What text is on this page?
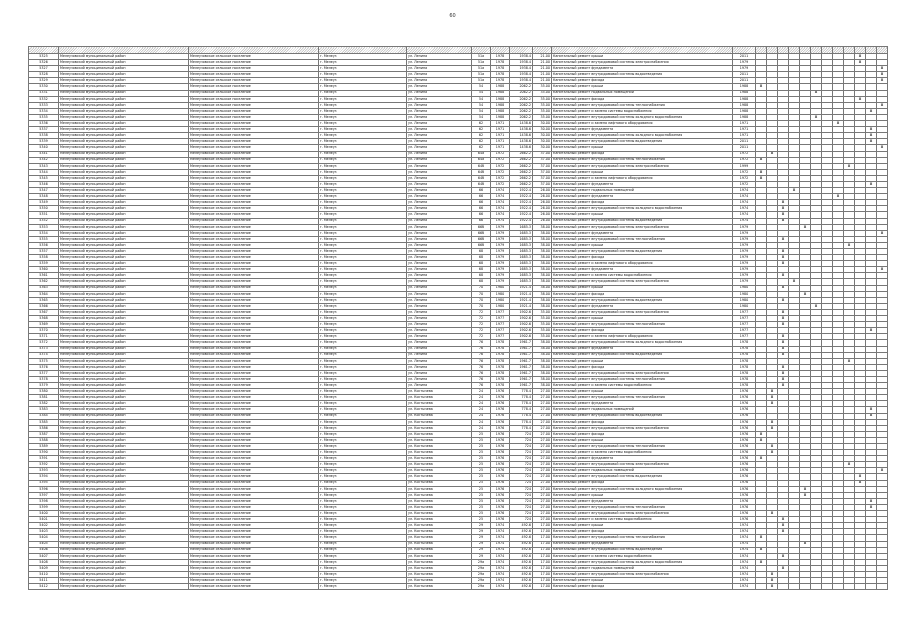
60

5325	Мелеузовский муниципальный район	Мелеузовское сельское поселение	г. Мелеуз	ул. Ленина	51а	1978	1938.4	21.00	Капитальный ремонт крыши	2011										X		
5326	Мелеузовский муниципальный район	Мелеузовское сельское поселение	г. Мелеуз	ул. Ленина	51а	1978	1938.4	21.00	Капитальный ремонт внутридомовой системы электроснабжения	1979										X		
5327	Мелеузовский муниципальный район	Мелеузовское сельское поселение	г. Мелеуз	ул. Ленина	51а	1978	1938.4	21.00	Капитальный ремонт фундамента	1979												X
5328	Мелеузовский муниципальный район	Мелеузовское сельское поселение	г. Мелеуз	ул. Ленина	51а	1978	1938.4	21.00	Капитальный ремонт внутридомовой системы водоотведения	2011												X
5329	Мелеузовский муниципальный район	Мелеузовское сельское поселение	г. Мелеуз	ул. Ленина	51а	1978	1938.4	21.00	Капитальный ремонт фасада	2011												X
5330	Мелеузовский муниципальный район	Мелеузовское сельское поселение	г. Мелеуз	ул. Ленина	54	1988	2062.2	35.00	Капитальный ремонт крыши	1988	X											
5331	Мелеузовский муниципальный район	Мелеузовское сельское поселение	г. Мелеуз	ул. Ленина	54	1988	2062.2	35.00	Капитальный ремонт подвальных помещений	1988						X						
5332	Мелеузовский муниципальный район	Мелеузовское сельское поселение	г. Мелеуз	ул. Ленина	54	1988	2062.2	35.00	Капитальный ремонт фасада	1988										X		
5333	Мелеузовский муниципальный район	Мелеузовское сельское поселение	г. Мелеуз	ул. Ленина	54	1988	2062.2	35.00	Капитальный ремонт внутридомовой системы теплоснабжения	1988												X
5334	Мелеузовский муниципальный район	Мелеузовское сельское поселение	г. Мелеуз	ул. Ленина	54	1988	2062.2	35.00	Капитальный ремонт и замена системы водоснабжения	1988											X	
5335	Мелеузовский муниципальный район	Мелеузовское сельское поселение	г. Мелеуз	ул. Ленина	54	1988	2062.2	35.00	Капитальный ремонт внутридомовой системы холодного водоснабжения	1988						X						
5336	Мелеузовский муниципальный район	Мелеузовское сельское поселение	г. Мелеуз	ул. Ленина	62	1971	1438.6	30.00	Капитальный ремонт и замена лифтового оборудования	1971								X				
5337	Мелеузовский муниципальный район	Мелеузовское сельское поселение	г. Мелеуз	ул. Ленина	62	1971	1438.6	30.00	Капитальный ремонт фундамента	1971											X	
5338	Мелеузовский муниципальный район	Мелеузовское сельское поселение	г. Мелеуз	ул. Ленина	62	1971	1438.6	30.00	Капитальный ремонт внутридомовой системы холодного водоснабжения	1971											X	
5339	Мелеузовский муниципальный район	Мелеузовское сельское поселение	г. Мелеуз	ул. Ленина	62	1971	1438.6	30.00	Капитальный ремонт внутридомовой системы водоотведения	2011											X	
5340	Мелеузовский муниципальный район	Мелеузовское сельское поселение	г. Мелеуз	ул. Ленина	62	1971	1438.6	30.00	Капитальный ремонт крыши	2011												X
5341	Мелеузовский муниципальный район	Мелеузовское сельское поселение	г. Мелеуз	ул. Ленина	64а	1972	2662.2	37.00	Капитальный ремонт фасада	1972		X										
5342	Мелеузовский муниципальный район	Мелеузовское сельское поселение	г. Мелеуз	ул. Ленина	64а	1972	2662.2	37.00	Капитальный ремонт внутридомовой системы теплоснабжения	1972	X											
5343	Мелеузовский муниципальный район	Мелеузовское сельское поселение	г. Мелеуз	ул. Ленина	64б	1972	2662.2	37.00	Капитальный ремонт внутридомовой системы электроснабжения	1999									X			
5344	Мелеузовский муниципальный район	Мелеузовское сельское поселение	г. Мелеуз	ул. Ленина	64б	1972	2662.2	37.00	Капитальный ремонт крыши	1972	X											
5345	Мелеузовский муниципальный район	Мелеузовское сельское поселение	г. Мелеуз	ул. Ленина	64б	1972	2662.2	37.00	Капитальный ремонт и замена лифтового оборудования	1972	X											
5346	Мелеузовский муниципальный район	Мелеузовское сельское поселение	г. Мелеуз	ул. Ленина	64б	1972	2662.2	37.00	Капитальный ремонт фундамента	1972											X	
5347	Мелеузовский муниципальный район	Мелеузовское сельское поселение	г. Мелеуз	ул. Ленина	66	1974	1922.4	26.00	Капитальный ремонт подвальных помещений	1974				X								
5348	Мелеузовский муниципальный район	Мелеузовское сельское поселение	г. Мелеуз	ул. Ленина	66	1974	1922.4	26.00	Капитальный ремонт фундамента	1974								X				
5349	Мелеузовский муниципальный район	Мелеузовское сельское поселение	г. Мелеуз	ул. Ленина	66	1974	1922.4	26.00	Капитальный ремонт фасада	1974			X									
5350	Мелеузовский муниципальный район	Мелеузовское сельское поселение	г. Мелеуз	ул. Ленина	66	1974	1922.4	26.00	Капитальный ремонт внутридомовой системы холодного водоснабжения	1974			X									
5351	Мелеузовский муниципальный район	Мелеузовское сельское поселение	г. Мелеуз	ул. Ленина	66	1974	1922.4	26.00	Капитальный ремонт крыши	1974			X									
5352	Мелеузовский муниципальный район	Мелеузовское сельское поселение	г. Мелеуз	ул. Ленина	66	1974	1922.4	26.00	Капитальный ремонт внутридомовой системы водоотведения	1974			X									
5353	Мелеузовский муниципальный район	Мелеузовское сельское поселение	г. Мелеуз	ул. Ленина	66б	1979	1685.3	38.00	Капитальный ремонт внутридомовой системы электроснабжения	1979					X							
5354	Мелеузовский муниципальный район	Мелеузовское сельское поселение	г. Мелеуз	ул. Ленина	66б	1979	1685.3	38.00	Капитальный ремонт фундамента	1979												X
5355	Мелеузовский муниципальный район	Мелеузовское сельское поселение	г. Мелеуз	ул. Ленина	66б	1979	1685.3	38.00	Капитальный ремонт внутридомовой системы теплоснабжения	1979			X									
5356	Мелеузовский муниципальный район	Мелеузовское сельское поселение	г. Мелеуз	ул. Ленина	66б	1979	1685.3	38.00	Капитальный ремонт крыши	1979									X			
5357	Мелеузовский муниципальный район	Мелеузовское сельское поселение	г. Мелеуз	ул. Ленина	68	1979	1685.3	38.00	Капитальный ремонт внутридомовой системы водоотведения	1979			X									
5358	Мелеузовский муниципальный район	Мелеузовское сельское поселение	г. Мелеуз	ул. Ленина	68	1979	1685.3	38.00	Капитальный ремонт фасада	1979			X									
5359	Мелеузовский муниципальный район	Мелеузовское сельское поселение	г. Мелеуз	ул. Ленина	68	1979	1685.3	38.00	Капитальный ремонт и замена лифтового оборудования	1979			X									
5360	Мелеузовский муниципальный район	Мелеузовское сельское поселение	г. Мелеуз	ул. Ленина	68	1979	1685.3	38.00	Капитальный ремонт фундамента	1979												X
5361	Мелеузовский муниципальный район	Мелеузовское сельское поселение	г. Мелеуз	ул. Ленина	68	1979	1685.3	38.00	Капитальный ремонт и замена системы водоснабжения	1979			X									
5362	Мелеузовский муниципальный район	Мелеузовское сельское поселение	г. Мелеуз	ул. Ленина	68	1979	1685.3	38.00	Капитальный ремонт внутридомовой системы электроснабжения	1979				X								
5363	Мелеузовский муниципальный район	Мелеузовское сельское поселение	г. Мелеуз	ул. Ленина	70	1980	1921.4	38.00	Капитальный ремонт крыши	1980			X									
5364	Мелеузовский муниципальный район	Мелеузовское сельское поселение	г. Мелеуз	ул. Ленина	70	1980	1921.4	38.00	Капитальный ремонт фасада	1980					X							
5365	Мелеузовский муниципальный район	Мелеузовское сельское поселение	г. Мелеуз	ул. Ленина	70	1980	1921.4	38.00	Капитальный ремонт внутридомовой системы водоотведения	1980			X									
5366	Мелеузовский муниципальный район	Мелеузовское сельское поселение	г. Мелеуз	ул. Ленина	70	1980	1921.4	38.00	Капитальный ремонт фундамента	1980						X						
5367	Мелеузовский муниципальный район	Мелеузовское сельское поселение	г. Мелеуз	ул. Ленина	72	1977	1902.6	35.00	Капитальный ремонт внутридомовой системы электроснабжения	1977			X									
5368	Мелеузовский муниципальный район	Мелеузовское сельское поселение	г. Мелеуз	ул. Ленина	72	1977	1902.6	35.00	Капитальный ремонт крыши	1977			X									
5369	Мелеузовский муниципальный район	Мелеузовское сельское поселение	г. Мелеуз	ул. Ленина	72	1977	1902.6	35.00	Капитальный ремонт внутридомовой системы теплоснабжения	1977			X									
5370	Мелеузовский муниципальный район	Мелеузовское сельское поселение	г. Мелеуз	ул. Ленина	72	1977	1902.6	35.00	Капитальный ремонт фасада	1977											X	
5371	Мелеузовский муниципальный район	Мелеузовское сельское поселение	г. Мелеуз	ул. Ленина	72	1977	1902.6	35.00	Капитальный ремонт и замена лифтового оборудования	1977			X									
5372	Мелеузовский муниципальный район	Мелеузовское сельское поселение	г. Мелеуз	ул. Ленина	76	1978	1961.7	38.00	Капитальный ремонт внутридомовой системы холодного водоснабжения	1978			X									
5373	Мелеузовский муниципальный район	Мелеузовское сельское поселение	г. Мелеуз	ул. Ленина	76	1978	1961.7	38.00	Капитальный ремонт фундамента	1978			X									
5374	Мелеузовский муниципальный район	Мелеузовское сельское поселение	г. Мелеуз	ул. Ленина	76	1978	1961.7	38.00	Капитальный ремонт внутридомовой системы водоотведения	1978			X									
5375	Мелеузовский муниципальный район	Мелеузовское сельское поселение	г. Мелеуз	ул. Ленина	76	1978	1961.7	38.00	Капитальный ремонт крыши	1978									X			
5376	Мелеузовский муниципальный район	Мелеузовское сельское поселение	г. Мелеуз	ул. Ленина	76	1978	1961.7	38.00	Капитальный ремонт фасада	1978			X									
5377	Мелеузовский муниципальный район	Мелеузовское сельское поселение	г. Мелеуз	ул. Ленина	76	1978	1961.7	38.00	Капитальный ремонт внутридомовой системы электроснабжения	1978			X									
5378	Мелеузовский муниципальный район	Мелеузовское сельское поселение	г. Мелеуз	ул. Ленина	76	1978	1961.7	38.00	Капитальный ремонт внутридомовой системы теплоснабжения	1978			X									
5379	Мелеузовский муниципальный район	Мелеузовское сельское поселение	г. Мелеуз	ул. Ленина	76	1978	1961.7	38.00	Капитальный ремонт и замена системы водоснабжения	1978			X									
5380	Мелеузовский муниципальный район	Мелеузовское сельское поселение	г. Мелеуз	ул. Костычева	24	1976	778.4	27.00	Капитальный ремонт крыши	1976		X										
5381	Мелеузовский муниципальный район	Мелеузовское сельское поселение	г. Мелеуз	ул. Костычева	24	1976	778.4	27.00	Капитальный ремонт внутридомовой системы теплоснабжения	1976		X										
5382	Мелеузовский муниципальный район	Мелеузовское сельское поселение	г. Мелеуз	ул. Костычева	24	1976	778.4	27.00	Капитальный ремонт фундамента	1976		X										
5383	Мелеузовский муниципальный район	Мелеузовское сельское поселение	г. Мелеуз	ул. Костычева	24	1976	778.4	27.00	Капитальный ремонт подвальных помещений	1976											X	
5384	Мелеузовский муниципальный район	Мелеузовское сельское поселение	г. Мелеуз	ул. Костычева	24	1976	778.4	27.00	Капитальный ремонт внутридомовой системы водоотведения	1976											X	
5385	Мелеузовский муниципальный район	Мелеузовское сельское поселение	г. Мелеуз	ул. Костычева	24	1976	778.4	27.00	Капитальный ремонт фасада	1976		X										
5386	Мелеузовский муниципальный район	Мелеузовское сельское поселение	г. Мелеуз	ул. Костычева	24	1976	778.4	27.00	Капитальный ремонт внутридомовой системы электроснабжения	1976		X										
5387	Мелеузовский муниципальный район	Мелеузовское сельское поселение	г. Мелеуз	ул. Костычева	25	1976	724	27.00	Капитальный ремонт фасада	1976	X											
5388	Мелеузовский муниципальный район	Мелеузовское сельское поселение	г. Мелеуз	ул. Костычева	25	1976	724	27.00	Капитальный ремонт крыши	1976	X											
5389	Мелеузовский муниципальный район	Мелеузовское сельское поселение	г. Мелеуз	ул. Костычева	25	1976	724	27.00	Капитальный ремонт внутридомовой системы теплоснабжения	1976		X										
5390	Мелеузовский муниципальный район	Мелеузовское сельское поселение	г. Мелеуз	ул. Костычева	25	1976	724	27.00	Капитальный ремонт и замена системы водоснабжения	1976		X										
5391	Мелеузовский муниципальный район	Мелеузовское сельское поселение	г. Мелеуз	ул. Костычева	25	1976	724	27.00	Капитальный ремонт фундамента	1976	X											
5392	Мелеузовский муниципальный район	Мелеузовское сельское поселение	г. Мелеуз	ул. Костычева	25	1976	724	27.00	Капитальный ремонт внутридомовой системы электроснабжения	1976									X			
5393	Мелеузовский муниципальный район	Мелеузовское сельское поселение	г. Мелеуз	ул. Костычева	25	1976	724	27.00	Капитальный ремонт подвальных помещений	1976												X
5394	Мелеузовский муниципальный район	Мелеузовское сельское поселение	г. Мелеуз	ул. Костычева	25	1976	724	27.00	Капитальный ремонт внутридомовой системы водоотведения	1976										X		
5395	Мелеузовский муниципальный район	Мелеузовское сельское поселение	г. Мелеуз	ул. Костычева	25	1976	724	27.00	Капитальный ремонт фасада	1976										X		
5396	Мелеузовский муниципальный район	Мелеузовское сельское поселение	г. Мелеуз	ул. Костычева	25	1976	724	27.00	Капитальный ремонт внутридомовой системы холодного водоснабжения	1976					X							
5397	Мелеузовский муниципальный район	Мелеузовское сельское поселение	г. Мелеуз	ул. Костычева	25	1976	724	27.00	Капитальный ремонт крыши	1976					X							
5398	Мелеузовский муниципальный район	Мелеузовское сельское поселение	г. Мелеуз	ул. Костычева	25	1976	724	27.00	Капитальный ремонт фундамента	1976											X	
5399	Мелеузовский муниципальный район	Мелеузовское сельское поселение	г. Мелеуз	ул. Костычева	25	1976	724	27.00	Капитальный ремонт внутридомовой системы теплоснабжения	1976											X	
5400	Мелеузовский муниципальный район	Мелеузовское сельское поселение	г. Мелеуз	ул. Костычева	25	1976	724	27.00	Капитальный ремонт внутридомовой системы электроснабжения	1976		X										
5401	Мелеузовский муниципальный район	Мелеузовское сельское поселение	г. Мелеуз	ул. Костычева	25	1976	724	27.00	Капитальный ремонт и замена системы водоснабжения	1976			X									
5402	Мелеузовский муниципальный район	Мелеузовское сельское поселение	г. Мелеуз	ул. Костычева	29	1974	492.6	17.00	Капитальный ремонт крыши	1974			X									
5403	Мелеузовский муниципальный район	Мелеузовское сельское поселение	г. Мелеуз	ул. Костычева	29	1974	492.6	17.00	Капитальный ремонт фасада	1974			X									
5404	Мелеузовский муниципальный район	Мелеузовское сельское поселение	г. Мелеуз	ул. Костычева	29	1974	492.6	17.00	Капитальный ремонт внутридомовой системы теплоснабжения	1974	X											
5405	Мелеузовский муниципальный район	Мелеузовское сельское поселение	г. Мелеуз	ул. Костычева	29	1974	492.6	17.00	Капитальный ремонт фундамента	1974					X							
5406	Мелеузовский муниципальный район	Мелеузовское сельское поселение	г. Мелеуз	ул. Костычева	29	1974	492.6	17.00	Капитальный ремонт внутридомовой системы водоотведения	1974	X											
5407	Мелеузовский муниципальный район	Мелеузовское сельское поселение	г. Мелеуз	ул. Костычева	29	1974	492.6	17.00	Капитальный ремонт и замена системы водоснабжения	1974			X									
5408	Мелеузовский муниципальный район	Мелеузовское сельское поселение	г. Мелеуз	ул. Костычева	29а	1974	492.6	17.00	Капитальный ремонт внутридомовой системы холодного водоснабжения	1974	X											
5409	Мелеузовский муниципальный район	Мелеузовское сельское поселение	г. Мелеуз	ул. Костычева	29а	1974	492.6	17.00	Капитальный ремонт подвальных помещений	1974			X									
5410	Мелеузовский муниципальный район	Мелеузовское сельское поселение	г. Мелеуз	ул. Костычева	29а	1974	492.6	17.00	Капитальный ремонт внутридомовой системы электроснабжения	1974		X										
5411	Мелеузовский муниципальный район	Мелеузовское сельское поселение	г. Мелеуз	ул. Костычева	29а	1974	492.6	17.00	Капитальный ремонт крыши	1974		X										
5412	Мелеузовский муниципальный район	Мелеузовское сельское поселение	г. Мелеуз	ул. Костычева	29а	1974	492.6	17.00	Капитальный ремонт фасада	1974		X										
